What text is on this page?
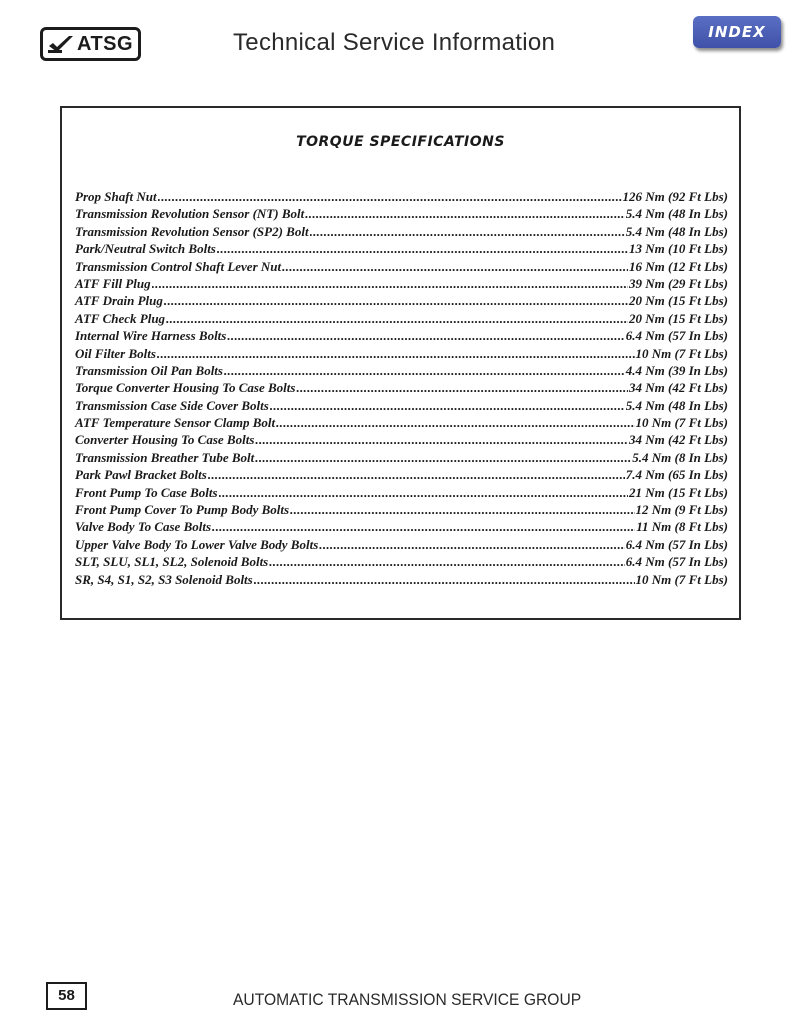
ATSG	Technical Service Information	INDEX
TORQUE SPECIFICATIONS
Prop Shaft Nut .....	126 Nm (92 Ft Lbs)
Transmission Revolution Sensor (NT) Bolt .....	5.4 Nm (48 In Lbs)
Transmission Revolution Sensor (SP2) Bolt .....	5.4 Nm (48 In Lbs)
Park/Neutral Switch Bolts .....	13 Nm (10 Ft Lbs)
Transmission Control Shaft Lever Nut .....	16 Nm (12 Ft Lbs)
ATF Fill Plug .....	39 Nm (29 Ft Lbs)
ATF Drain Plug .....	20 Nm (15 Ft Lbs)
ATF Check Plug .....	20 Nm (15 Ft Lbs)
Internal Wire Harness Bolts .....	6.4 Nm (57 In Lbs)
Oil Filter Bolts .....	10 Nm (7 Ft Lbs)
Transmission Oil Pan Bolts .....	4.4 Nm (39 In Lbs)
Torque Converter Housing To Case Bolts .....	34 Nm (42 Ft Lbs)
Transmission Case Side Cover Bolts .....	5.4 Nm (48 In Lbs)
ATF Temperature Sensor Clamp Bolt .....	10 Nm (7 Ft Lbs)
Converter Housing To Case Bolts .....	34 Nm (42 Ft Lbs)
Transmission Breather Tube Bolt .....	5.4 Nm (8 In Lbs)
Park Pawl Bracket Bolts .....	7.4 Nm (65 In Lbs)
Front Pump To Case Bolts .....	21 Nm (15 Ft Lbs)
Front Pump Cover To Pump Body Bolts .....	12 Nm (9 Ft Lbs)
Valve Body To Case Bolts .....	11 Nm (8 Ft Lbs)
Upper Valve Body To Lower Valve Body Bolts .....	6.4 Nm (57 In Lbs)
SLT, SLU, SL1, SL2, Solenoid Bolts .....	6.4 Nm (57 In Lbs)
SR, S4, S1, S2, S3 Solenoid Bolts .....	10 Nm (7 Ft Lbs)
58	AUTOMATIC TRANSMISSION SERVICE GROUP
